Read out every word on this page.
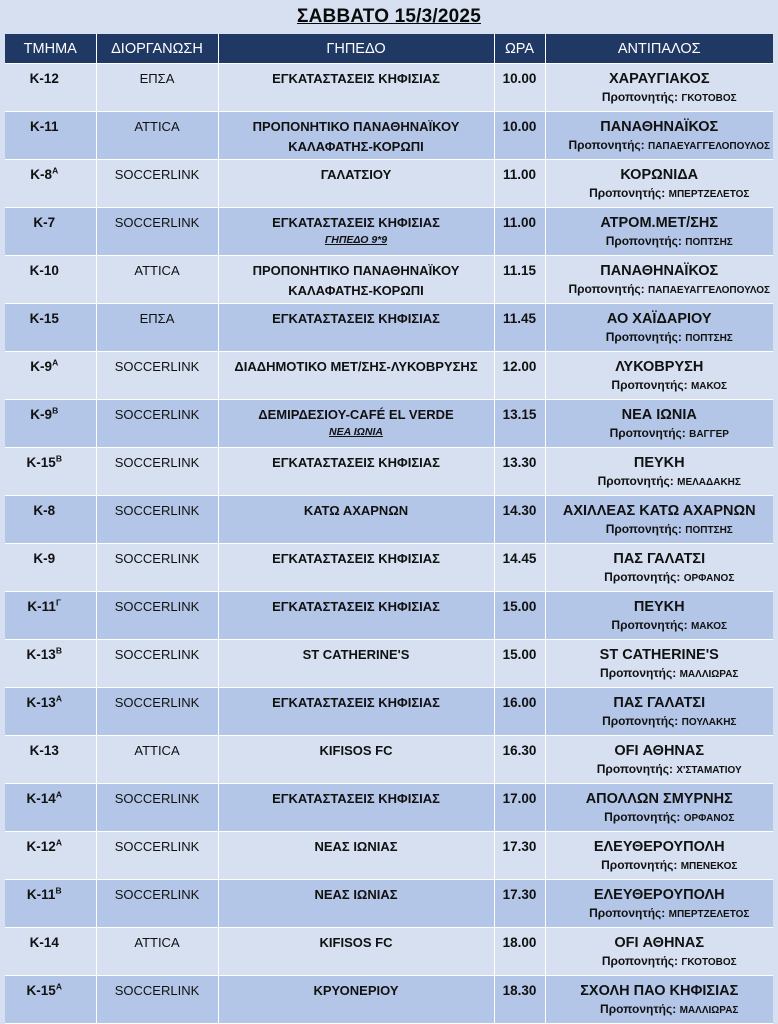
ΣΑΒΒΑΤΟ 15/3/2025
ΤΜΗΜΑ	ΔΙΟΡΓΑΝΩΣΗ	ΓΗΠΕΔΟ	ΩΡΑ	ΑΝΤΙΠΑΛΟΣ

Κ-12	ΕΠΣΑ	ΕΓΚΑΤΑΣΤΑΣΕΙΣ ΚΗΦΙΣΙΑΣ	10.00	ΧΑΡΑΥΓΙΑΚΟΣ
Προπονητής: ΓΚΟΤΟΒΟΣ

Κ-11	ATTICA	ΠΡΟΠΟΝΗΤΙΚΟ ΠΑΝΑΘΗΝΑΪΚΟΥ
ΚΑΛΑΦΑΤΗΣ-ΚΟΡΩΠΙ	10.00	ΠΑΝΑΘΗΝΑΪΚΟΣ
Προπονητής: ΠΑΠΑΕΥΑΓΓΕΛΟΠΟΥΛΟΣ

$K-8^A$	SOCCERLINK	ΓΑΛΑΤΣΙΟΥ	11.00	ΚΟΡΩΝΙΔΑ
Προπονητής: ΜΠΕΡΤΖΕΛΕΤΟΣ

Κ-7	SOCCERLINK	ΕΓΚΑΤΑΣΤΑΣΕΙΣ ΚΗΦΙΣΙΑΣ
ΓΗΠΕΔΟ 9*9	11.00	ΑΤΡΟΜ.ΜΕΤ/ΣΗΣ
Προπονητής: ΠΟΠΤΣΗΣ

Κ-10	ATTICA	ΠΡΟΠΟΝΗΤΙΚΟ ΠΑΝΑΘΗΝΑΪΚΟΥ
ΚΑΛΑΦΑΤΗΣ-ΚΟΡΩΠΙ	11.15	ΠΑΝΑΘΗΝΑΪΚΟΣ
Προπονητής: ΠΑΠΑΕΥΑΓΓΕΛΟΠΟΥΛΟΣ

Κ-15	ΕΠΣΑ	ΕΓΚΑΤΑΣΤΑΣΕΙΣ ΚΗΦΙΣΙΑΣ	11.45	ΑΟ ΧΑΪΔΑΡΙΟΥ
Προπονητής: ΠΟΠΤΣΗΣ

$K-9^A$	SOCCERLINK	ΔΙΑΔΗΜΟΤΙΚΟ ΜΕΤ/ΣΗΣ-ΛΥΚΟΒΡΥΣΗΣ	12.00	ΛΥΚΟΒΡΥΣΗ
Προπονητής: ΜΑΚΟΣ

$K-9^B$	SOCCERLINK	ΔΕΜΙΡΔΕΣΙΟΥ-CAFÉ EL VERDE
ΝΕΑ ΙΩΝΙΑ	13.15	ΝΕΑ ΙΩΝΙΑ
Προπονητής: ΒΑΓΓΕΡ

$K-15^B$	SOCCERLINK	ΕΓΚΑΤΑΣΤΑΣΕΙΣ ΚΗΦΙΣΙΑΣ	13.30	ΠΕΥΚΗ
Προπονητής: ΜΕΛΑΔΑΚΗΣ

Κ-8	SOCCERLINK	ΚΑΤΩ ΑΧΑΡΝΩΝ	14.30	ΑΧΙΛΛΕΑΣ ΚΑΤΩ ΑΧΑΡΝΩΝ
Προπονητής: ΠΟΠΤΣΗΣ

Κ-9	SOCCERLINK	ΕΓΚΑΤΑΣΤΑΣΕΙΣ ΚΗΦΙΣΙΑΣ	14.45	ΠΑΣ ΓΑΛΑΤΣΙ
Προπονητής: ΟΡΦΑΝΟΣ

$K-11^\Gamma$	SOCCERLINK	ΕΓΚΑΤΑΣΤΑΣΕΙΣ ΚΗΦΙΣΙΑΣ	15.00	ΠΕΥΚΗ
Προπονητής: ΜΑΚΟΣ

$K-13^B$	SOCCERLINK	ST CATHERINE'S	15.00	ST CATHERINE'S
Προπονητής: ΜΑΛΛΙΩΡΑΣ

$K-13^A$	SOCCERLINK	ΕΓΚΑΤΑΣΤΑΣΕΙΣ ΚΗΦΙΣΙΑΣ	16.00	ΠΑΣ ΓΑΛΑΤΣΙ
Προπονητής: ΠΟΥΛΑΚΗΣ

Κ-13	ATTICA	KIFISOS FC	16.30	OFI ΑΘΗΝΑΣ
Προπονητής: Χ'ΣΤΑΜΑΤΙΟΥ

$K-14^A$	SOCCERLINK	ΕΓΚΑΤΑΣΤΑΣΕΙΣ ΚΗΦΙΣΙΑΣ	17.00	ΑΠΟΛΛΩΝ ΣΜΥΡΝΗΣ
Προπονητής: ΟΡΦΑΝΟΣ

$K-12^A$	SOCCERLINK	ΝΕΑΣ ΙΩΝΙΑΣ	17.30	ΕΛΕΥΘΕΡΟΥΠΟΛΗ
Προπονητής: ΜΠΕΝΕΚΟΣ

$K-11^B$	SOCCERLINK	ΝΕΑΣ ΙΩΝΙΑΣ	17.30	ΕΛΕΥΘΕΡΟΥΠΟΛΗ
Προπονητής: ΜΠΕΡΤΖΕΛΕΤΟΣ

Κ-14	ATTICA	KIFISOS FC	18.00	OFI ΑΘΗΝΑΣ
Προπονητής: ΓΚΟΤΟΒΟΣ

$K-15^A$	SOCCERLINK	ΚΡΥΟΝΕΡΙΟΥ	18.30	ΣΧΟΛΗ ΠΑΟ ΚΗΦΙΣΙΑΣ
Προπονητής: ΜΑΛΛΙΩΡΑΣ
